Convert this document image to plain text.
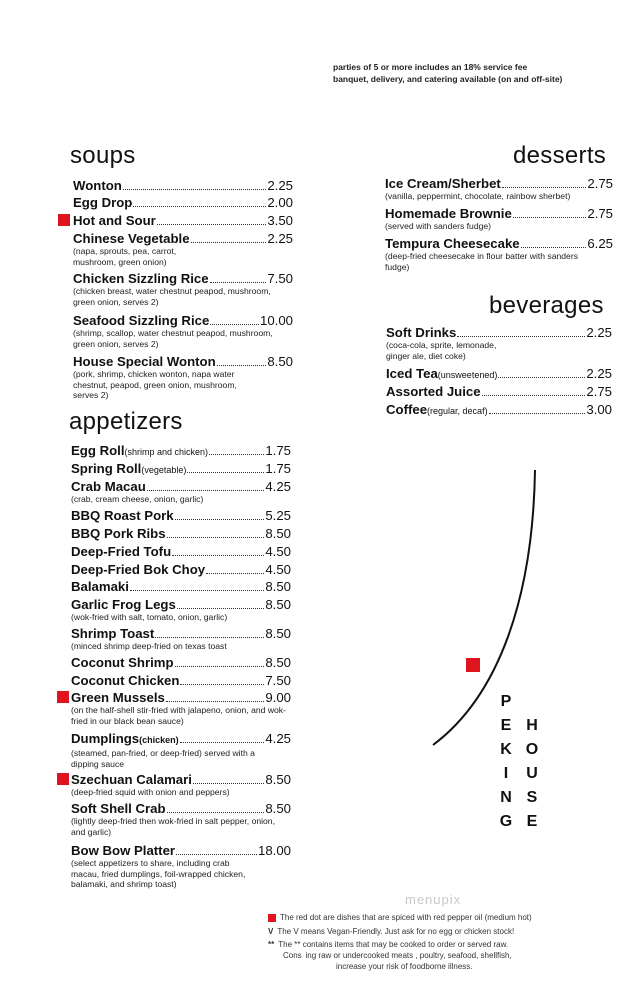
parties of 5 or more includes an 18% service fee
banquet, delivery, and catering available (on and off-site)
soups
Wonton	2.25
Egg Drop	2.00
Hot and Sour	3.50
Chinese Vegetable	2.25
(napa, sprouts, pea, carrot, mushroom, green onion)
Chicken Sizzling Rice	7.50
(chicken breast, water chestnut peapod, mushroom, green onion, serves 2)
Seafood Sizzling Rice	10.00
(shrimp, scallop, water chestnut peapod, mushroom, green onion, serves 2)
House Special Wonton	8.50
(pork, shrimp, chicken wonton, napa water chestnut, peapod, green onion, mushroom, serves 2)
appetizers
Egg Roll (shrimp and chicken)	1.75
Spring Roll (vegetable)	1.75
Crab Macau	4.25
(crab, cream cheese, onion, garlic)
BBQ Roast Pork	5.25
BBQ Pork Ribs	8.50
Deep-Fried Tofu	4.50
Deep-Fried Bok Choy	4.50
Balamaki	8.50
Garlic Frog Legs	8.50
(wok-fried with salt, tomato, onion, garlic)
Shrimp Toast	8.50
(minced shrimp deep-fried on texas toast
Coconut Shrimp	8.50
Coconut Chicken	7.50
Green Mussels	9.00
(on the half-shell stir-fried with jalapeno, onion, and wok-fried in our black bean sauce)
Dumplings (chicken)	4.25
(steamed, pan-fried, or deep-fried) served with a dipping sauce
Szechuan Calamari	8.50
(deep-fried squid with onion and peppers)
Soft Shell Crab	8.50
(lightly deep-fried then wok-fried in salt pepper, onion, and garlic)
Bow Bow Platter	18.00
(select appetizers to share, including crab macau, fried dumplings, foil-wrapped chicken, balamaki, and shrimp toast)
desserts
Ice Cream/Sherbet	2.75
(vanilla, peppermint, chocolate, rainbow sherbet)
Homemade Brownie	2.75
(served with sanders fudge)
Tempura Cheesecake	6.25
(deep-fried cheesecake in flour batter with sanders fudge)
beverages
Soft Drinks	2.25
(coca-cola, sprite, lemonade, ginger ale, diet coke)
Iced Tea (unsweetened)	2.25
Assorted Juice	2.75
Coffee (regular, decaf)	3.00
P
E
K
I
N
G
H
O
U
S
E
menupix
The red dot are dishes that are spiced with red pepper oil (medium hot)
V The V means Vegan-Friendly. Just ask for no egg or chicken stock!
** The ** contains items that may be cooked to order or served raw.
Cons  ing raw or undercooked meats , poultry, seafood, shellfish,
increase your risk of foodborne illness.
